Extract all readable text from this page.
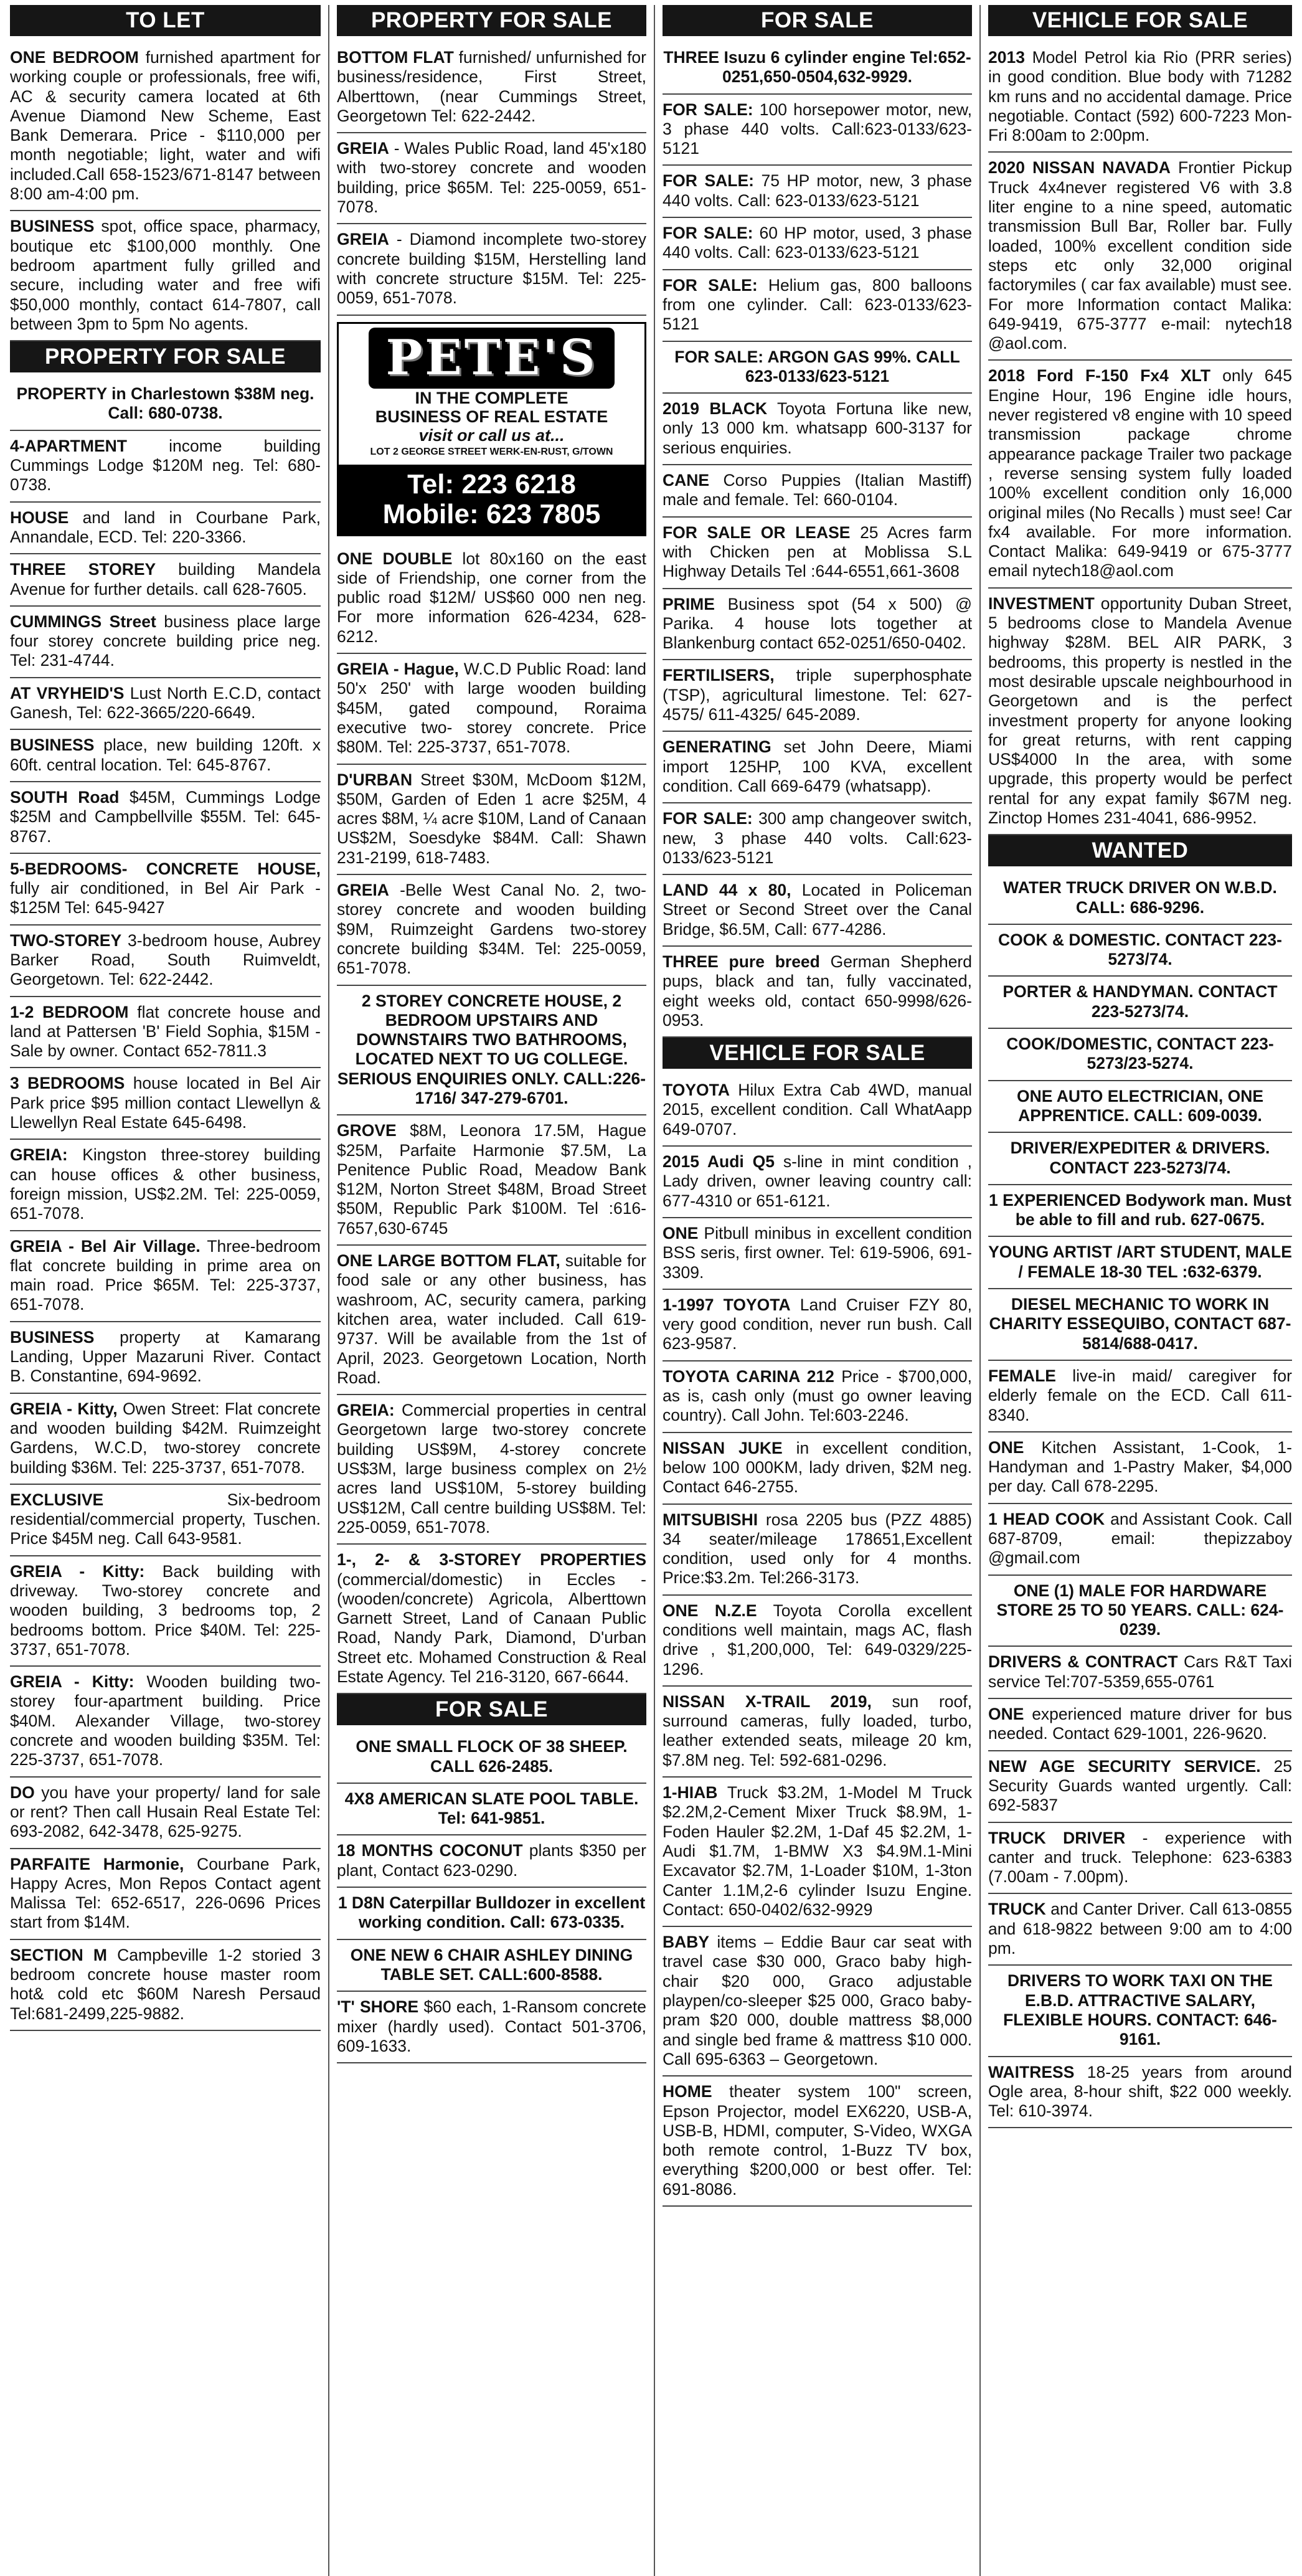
TO LET

ONE BEDROOM furnished apartment for working couple or professionals, free wifi, AC & security camera located at 6th Avenue Diamond New Scheme, East Bank Demerara. Price - $110,000 per month negotiable; light, water and wifi included.Call 658-1523/671-8147 between 8:00 am-4:00 pm.

BUSINESS spot, office space, pharmacy, boutique etc $100,000 monthly. One bedroom apartment fully grilled and secure, including water and free wifi $50,000 monthly, contact 614-7807, call between 3pm to 5pm No agents.

PROPERTY FOR SALE

PROPERTY in Charlestown $38M neg. Call: 680-0738.

4-APARTMENT income building Cummings Lodge $120M neg. Tel: 680-0738.

HOUSE and land in Courbane Park, Annandale, ECD. Tel: 220-3366.

THREE STOREY building Mandela Avenue for further details. call 628-7605.

CUMMINGS Street business place large four storey concrete building price neg. Tel: 231-4744.

AT VRYHEID'S Lust North E.C.D, contact Ganesh, Tel: 622-3665/220-6649.

BUSINESS place, new building 120ft. x 60ft. central location. Tel: 645-8767.

SOUTH Road $45M, Cummings Lodge $25M and Campbellville $55M. Tel: 645-8767.

5-BEDROOMS- CONCRETE HOUSE, fully air conditioned, in Bel Air Park - $125M Tel: 645-9427

TWO-STOREY 3-bedroom house, Aubrey Barker Road, South Ruimveldt, Georgetown. Tel: 622-2442.

1-2 BEDROOM flat concrete house and land at Pattersen 'B' Field Sophia, $15M - Sale by owner. Contact 652-7811.3

3 BEDROOMS house located in Bel Air Park price $95 million contact Llewellyn & Llewellyn Real Estate 645-6498.

GREIA: Kingston three-storey building can house offices & other business, foreign mission, US$2.2M. Tel: 225-0059, 651-7078.

GREIA - Bel Air Village. Three-bedroom flat concrete building in prime area on main road. Price $65M. Tel: 225-3737, 651-7078.

BUSINESS property at Kamarang Landing, Upper Mazaruni River. Contact B. Constantine, 694-9692.

GREIA - Kitty, Owen Street: Flat concrete and wooden building $42M. Ruimzeight Gardens, W.C.D, two-storey concrete building $36M. Tel: 225-3737, 651-7078.

EXCLUSIVE Six-bedroom residential/commercial property, Tuschen. Price $45M neg. Call 643-9581.

GREIA - Kitty: Back building with driveway. Two-storey concrete and wooden building, 3 bedrooms top, 2 bedrooms bottom. Price $40M. Tel: 225-3737, 651-7078.

GREIA - Kitty: Wooden building two-storey four-apartment building. Price $40M. Alexander Village, two-storey concrete and wooden building $35M. Tel: 225-3737, 651-7078.

DO you have your property/ land for sale or rent? Then call Husain Real Estate Tel: 693-2082, 642-3478, 625-9275.

PARFAITE Harmonie, Courbane Park, Happy Acres, Mon Repos Contact agent Malissa Tel: 652-6517, 226-0696 Prices start from $14M.

SECTION M Campbeville 1-2 storied 3 bedroom concrete house master room hot& cold etc $60M Naresh Persaud Tel:681-2499,225-9882.

PROPERTY FOR SALE

BOTTOM FLAT furnished/ unfurnished for business/residence, First Street, Alberttown, (near Cummings Street, Georgetown Tel: 622-2442.

GREIA - Wales Public Road, land 45'x180 with two-storey concrete and wooden building, price $65M. Tel: 225-0059, 651-7078.

GREIA - Diamond incomplete two-storey concrete building $15M, Herstelling land with concrete structure $15M. Tel: 225-0059, 651-7078.

PETE'S
IN THE COMPLETE
BUSINESS OF REAL ESTATE
visit or call us at...
LOT 2 GEORGE STREET WERK-EN-RUST, G/TOWN
Tel: 223 6218
Mobile: 623 7805

ONE DOUBLE lot 80x160 on the east side of Friendship, one corner from the public road $12M/ US$60 000 nen neg. For more information 626-4234, 628-6212.

GREIA - Hague, W.C.D Public Road: land 50'x 250' with large wooden building $45M, gated compound, Roraima executive two- storey concrete. Price $80M. Tel: 225-3737, 651-7078.

D'URBAN Street $30M, McDoom $12M, $50M, Garden of Eden 1 acre $25M, 4 acres $8M, ¼ acre $10M, Land of Canaan US$2M, Soesdyke $84M. Call: Shawn 231-2199, 618-7483.

GREIA -Belle West Canal No. 2, two-storey concrete and wooden building $9M, Ruimzeight Gardens two-storey concrete building $34M. Tel: 225-0059, 651-7078.

2 STOREY CONCRETE HOUSE, 2 BEDROOM UPSTAIRS AND DOWNSTAIRS TWO BATHROOMS, LOCATED NEXT TO UG COLLEGE. SERIOUS ENQUIRIES ONLY. CALL:226-1716/ 347-279-6701.

GROVE $8M, Leonora 17.5M, Hague $25M, Parfaite Harmonie $7.5M, La Penitence Public Road, Meadow Bank $12M, Norton Street $48M, Broad Street $50M, Republic Park $100M. Tel :616-7657,630-6745

ONE LARGE BOTTOM FLAT, suitable for food sale or any other business, has washroom, AC, security camera, parking kitchen area, water included. Call 619-9737. Will be available from the 1st of April, 2023. Georgetown Location, North Road.

GREIA: Commercial properties in central Georgetown large two-storey concrete building US$9M, 4-storey concrete US$3M, large business complex on 2½ acres land US$10M, 5-storey building US$12M, Call centre building US$8M. Tel: 225-0059, 651-7078.

1-, 2- & 3-STOREY PROPERTIES (commercial/domestic) in Eccles - (wooden/concrete) Agricola, Alberttown Garnett Street, Land of Canaan Public Road, Nandy Park, Diamond, D'urban Street etc. Mohamed Construction & Real Estate Agency. Tel 216-3120, 667-6644.

FOR SALE

ONE SMALL FLOCK OF 38 SHEEP. CALL 626-2485.

4X8 AMERICAN SLATE POOL TABLE. Tel: 641-9851.

18 MONTHS COCONUT plants $350 per plant, Contact 623-0290.

1 D8N Caterpillar Bulldozer in excellent working condition. Call: 673-0335.

ONE NEW 6 CHAIR ASHLEY DINING TABLE SET. CALL:600-8588.

'T' SHORE $60 each, 1-Ransom concrete mixer (hardly used). Contact 501-3706, 609-1633.

FOR SALE

THREE Isuzu 6 cylinder engine Tel:652-0251,650-0504,632-9929.

FOR SALE: 100 horsepower motor, new, 3 phase 440 volts. Call:623-0133/623-5121

FOR SALE: 75 HP motor, new, 3 phase 440 volts. Call: 623-0133/623-5121

FOR SALE: 60 HP motor, used, 3 phase 440 volts. Call: 623-0133/623-5121

FOR SALE: Helium gas, 800 balloons from one cylinder. Call: 623-0133/623-5121

FOR SALE: ARGON GAS 99%. CALL 623-0133/623-5121

2019 BLACK Toyota Fortuna like new, only 13 000 km. whatsapp 600-3137 for serious enquiries.

CANE Corso Puppies (Italian Mastiff) male and female. Tel: 660-0104.

FOR SALE OR LEASE 25 Acres farm with Chicken pen at Moblissa S.L Highway Details Tel :644-6551,661-3608

PRIME Business spot (54 x 500) @ Parika. 4 house lots together at Blankenburg contact 652-0251/650-0402.

FERTILISERS, triple superphosphate (TSP), agricultural limestone. Tel: 627-4575/ 611-4325/ 645-2089.

GENERATING set John Deere, Miami import 125HP, 100 KVA, excellent condition. Call 669-6479 (whatsapp).

FOR SALE: 300 amp changeover switch, new, 3 phase 440 volts. Call:623-0133/623-5121

LAND 44 x 80, Located in Policeman Street or Second Street over the Canal Bridge, $6.5M, Call: 677-4286.

THREE pure breed German Shepherd pups, black and tan, fully vaccinated, eight weeks old, contact 650-9998/626-0953.

VEHICLE FOR SALE

TOYOTA Hilux Extra Cab 4WD, manual 2015, excellent condition. Call WhatAapp 649-0707.

2015 Audi Q5 s-line in mint condition , Lady driven, owner leaving country call: 677-4310 or 651-6121.

ONE Pitbull minibus in excellent condition BSS seris, first owner. Tel: 619-5906, 691-3309.

1-1997 TOYOTA Land Cruiser FZY 80, very good condition, never run bush. Call 623-9587.

TOYOTA CARINA 212 Price - $700,000, as is, cash only (must go owner leaving country). Call John. Tel:603-2246.

NISSAN JUKE in excellent condition, below 100 000KM, lady driven, $2M neg. Contact 646-2755.

MITSUBISHI rosa 2205 bus (PZZ 4885) 34 seater/mileage 178651,Excellent condition, used only for 4 months. Price:$3.2m. Tel:266-3173.

ONE N.Z.E Toyota Corolla excellent conditions well maintain, mags AC, flash drive , $1,200,000, Tel: 649-0329/225-1296.

NISSAN X-TRAIL 2019, sun roof, surround cameras, fully loaded, turbo, leather extended seats, mileage 20 km, $7.8M neg. Tel: 592-681-0296.

1-HIAB Truck $3.2M, 1-Model M Truck $2.2M,2-Cement Mixer Truck $8.9M, 1-Foden Hauler $2.2M, 1-Daf 45 $2.2M, 1-Audi $1.7M, 1-BMW X3 $4.9M.1-Mini Excavator $2.7M, 1-Loader $10M, 1-3ton Canter 1.1M,2-6 cylinder Isuzu Engine. Contact: 650-0402/632-9929

BABY items – Eddie Baur car seat with travel case $30 000, Graco baby high-chair $20 000, Graco adjustable playpen/co-sleeper $25 000, Graco baby-pram $20 000, double mattress $8,000 and single bed frame & mattress $10 000. Call 695-6363 – Georgetown.

HOME theater system 100" screen, Epson Projector, model EX6220, USB-A, USB-B, HDMI, computer, S-Video, WXGA both remote control, 1-Buzz TV box, everything $200,000 or best offer. Tel: 691-8086.

VEHICLE FOR SALE

2013 Model Petrol kia Rio (PRR series) in good condition. Blue body with 71282 km runs and no accidental damage. Price negotiable. Contact (592) 600-7223 Mon-Fri 8:00am to 2:00pm.

2020 NISSAN NAVADA Frontier Pickup Truck 4x4never registered V6 with 3.8 liter engine to a nine speed, automatic transmission Bull Bar, Roller bar. Fully loaded, 100% excellent condition side steps etc only 32,000 original factorymiles ( car fax available) must see. For more Information contact Malika: 649-9419, 675-3777 e-mail: nytech18 @aol.com.

2018 Ford F-150 Fx4 XLT only 645 Engine Hour, 196 Engine idle hours, never registered v8 engine with 10 speed transmission package chrome appearance package Trailer two package , reverse sensing system fully loaded 100% excellent condition only 16,000 original miles (No Recalls ) must see! Car fx4 available. For more information. Contact Malika: 649-9419 or 675-3777 email nytech18@aol.com

INVESTMENT opportunity Duban Street, 5 bedrooms close to Mandela Avenue highway $28M. BEL AIR PARK, 3 bedrooms, this property is nestled in the most desirable upscale neighbourhood in Georgetown and is the perfect investment property for anyone looking for great returns, with rent capping US$4000 In the area, with some upgrade, this property would be perfect rental for any expat family $67M neg. Zinctop Homes 231-4041, 686-9952.

WANTED

WATER TRUCK DRIVER ON W.B.D. CALL: 686-9296.

COOK & DOMESTIC. CONTACT 223-5273/74.

PORTER & HANDYMAN. CONTACT 223-5273/74.

COOK/DOMESTIC, CONTACT 223-5273/23-5274.

ONE AUTO ELECTRICIAN, ONE APPRENTICE. CALL: 609-0039.

DRIVER/EXPEDITER & DRIVERS. CONTACT 223-5273/74.

1 EXPERIENCED Bodywork man. Must be able to fill and rub. 627-0675.

YOUNG ARTIST /ART STUDENT, MALE / FEMALE 18-30 TEL :632-6379.

DIESEL MECHANIC TO WORK IN CHARITY ESSEQUIBO, CONTACT 687-5814/688-0417.

FEMALE live-in maid/ caregiver for elderly female on the ECD. Call 611-8340.

ONE Kitchen Assistant, 1-Cook, 1-Handyman and 1-Pastry Maker, $4,000 per day. Call 678-2295.

1 HEAD COOK and Assistant Cook. Call 687-8709, email: thepizzaboy @gmail.com

ONE (1) MALE FOR HARDWARE STORE 25 TO 50 YEARS. CALL: 624-0239.

DRIVERS & CONTRACT Cars R&T Taxi service Tel:707-5359,655-0761

ONE experienced mature driver for bus needed. Contact 629-1001, 226-9620.

NEW AGE SECURITY SERVICE. 25 Security Guards wanted urgently. Call: 692-5837

TRUCK DRIVER - experience with canter and truck. Telephone: 623-6383 (7.00am - 7.00pm).

TRUCK and Canter Driver. Call 613-0855 and 618-9822 between 9:00 am to 4:00 pm.

DRIVERS TO WORK TAXI ON THE E.B.D. ATTRACTIVE SALARY, FLEXIBLE HOURS. CONTACT: 646-9161.

WAITRESS 18-25 years from around Ogle area, 8-hour shift, $22 000 weekly. Tel: 610-3974.
